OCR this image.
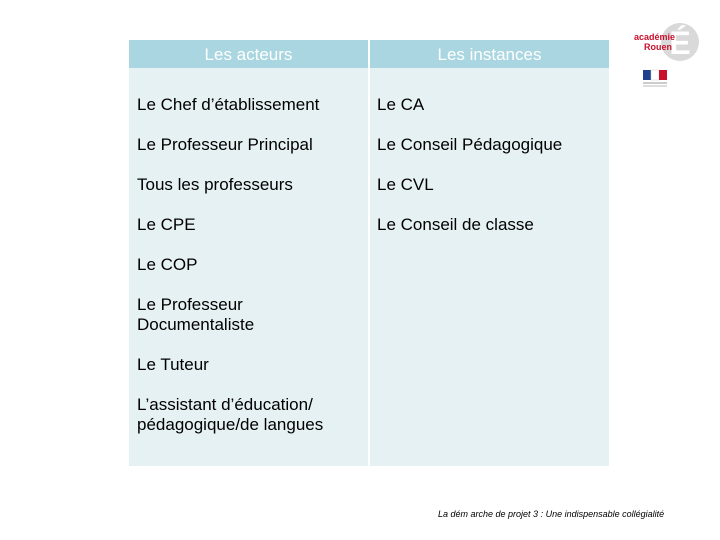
Les acteurs	Les instances
Le Chef d’établissement
Le Professeur Principal
Tous les professeurs
Le CPE
Le COP
Le Professeur
Documentaliste
Le Tuteur
L’assistant d’éducation/
pédagogique/de langues
Le CA
Le Conseil Pédagogique
Le CVL
Le Conseil de classe
É
académie
Rouen
La dém arche de projet 3 : Une indispensable collégialité
